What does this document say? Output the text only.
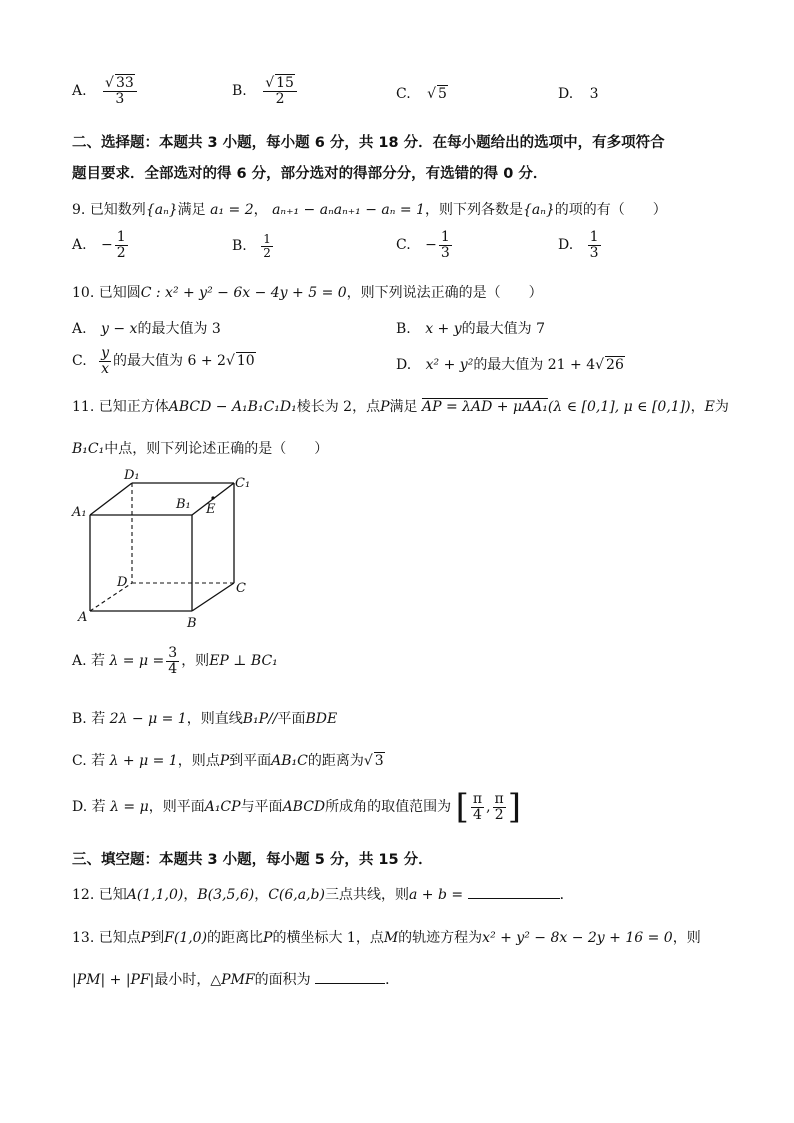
A. $\frac{√ 33}{3}$	B. $\frac{√ 15}{2}$	C. √ 5	D. 3
二、选择题：本题共 3 小题，每小题 6 分，共 18 分．在每小题给出的选项中，有多项符合
题目要求．全部选对的得 6 分，部分选对的得部分分，有选错的得 0 分．
9. 已知数列{aₙ}满足 a₁ = 2， aₙ₊₁ − aₙaₙ₊₁ − aₙ = 1，则下列各数是{aₙ}的项的有（　　）
A. − $\frac{1}{2}$	B. $\frac{1}{2}$	C. − $\frac{1}{3}$	D. $\frac{1}{3}$
10. 已知圆C : x² + y² − 6x − 4y + 5 = 0，则下列说法正确的是（　　）
A. y − x的最大值为 3	B. x + y的最大值为 7
C. $\frac{y}{x}$ 的最大值为 6 + 2√ 10	D. x² + y²的最大值为 21 + 4√ 26
11. 已知正方体ABCD − A₁B₁C₁D₁棱长为 2，点P满足 AP = λAD + μAA₁(λ ∈ [0,1], μ ∈ [0,1])，E为
B₁C₁中点，则下列论述正确的是（　　）
D₁
C₁
A₁
B₁ E
D	C
A	B
A. 若 $\lambda = \mu = \frac{3}{4}$ ，则EP ⊥ BC₁
B. 若 2λ − μ = 1，则直线B₁P//平面BDE
C. 若 λ + μ = 1，则点P到平面AB₁C的距离为√ 3
D. 若 λ = μ，则平面A₁CP与平面ABCD所成角的取值范围为 [ $\frac{\pi}{4}$ , $\frac{\pi}{2}$ ]
三、填空题：本题共 3 小题，每小题 5 分，共 15 分．
12. 已知A(1,1,0)，B(3,5,6)，C(6,a,b)三点共线，则a + b =	．
13. 已知点P到F(1,0)的距离比P的横坐标大 1，点M的轨迹方程为x² + y² − 8x − 2y + 16 = 0，则
|PM| + |PF|最小时，△PMF的面积为	．
